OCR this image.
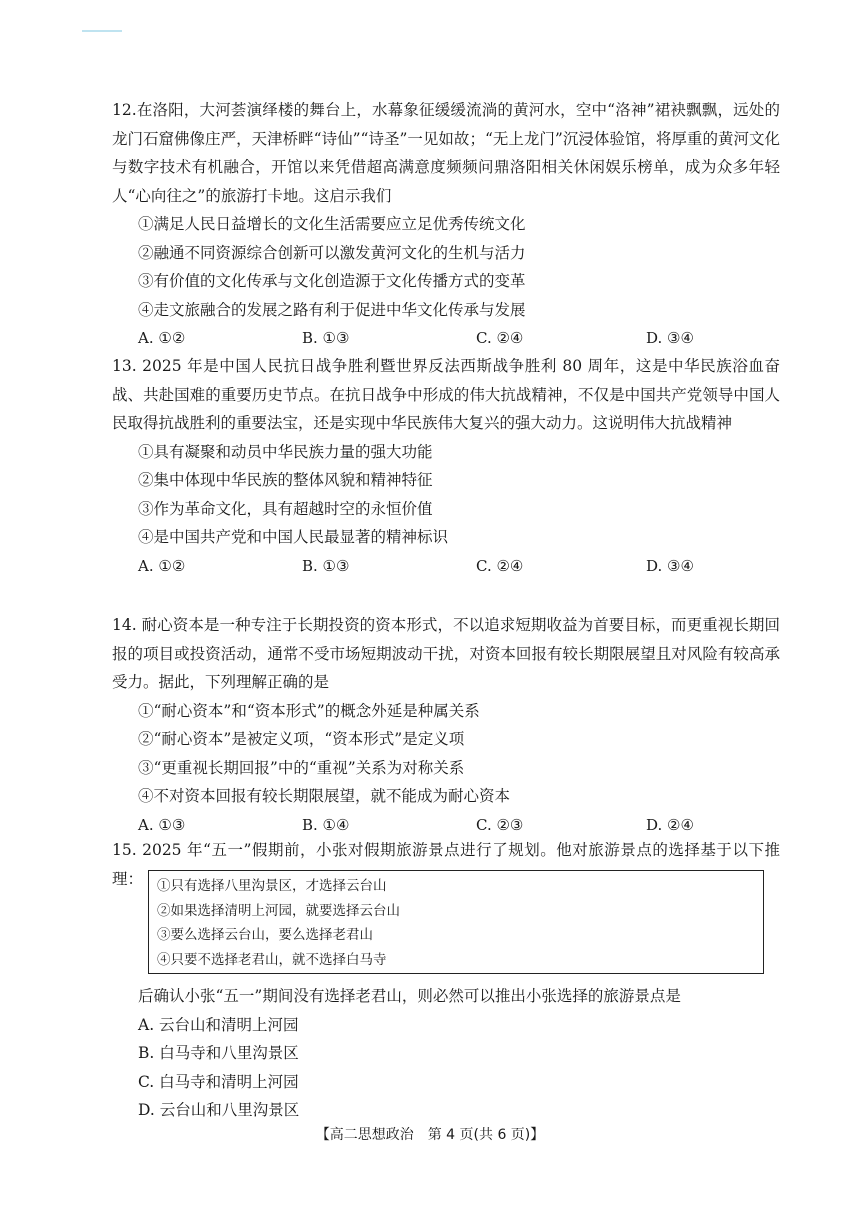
12.在洛阳，大河荟演绎楼的舞台上，水幕象征缓缓流淌的黄河水，空中“洛神”裙袂飘飘，远处的龙门石窟佛像庄严，天津桥畔“诗仙”“诗圣”一见如故；“无上龙门”沉浸体验馆，将厚重的黄河文化与数字技术有机融合，开馆以来凭借超高满意度频频问鼎洛阳相关休闲娱乐榜单，成为众多年轻人“心向往之”的旅游打卡地。这启示我们

①满足人民日益增长的文化生活需要应立足优秀传统文化

②融通不同资源综合创新可以激发黄河文化的生机与活力

③有价值的文化传承与文化创造源于文化传播方式的变革

④走文旅融合的发展之路有利于促进中华文化传承与发展

A. ①②	B. ①③	C. ②④	D. ③④

13. 2025 年是中国人民抗日战争胜利暨世界反法西斯战争胜利 80 周年，这是中华民族浴血奋战、共赴国难的重要历史节点。在抗日战争中形成的伟大抗战精神，不仅是中国共产党领导中国人民取得抗战胜利的重要法宝，还是实现中华民族伟大复兴的强大动力。这说明伟大抗战精神

①具有凝聚和动员中华民族力量的强大功能

②集中体现中华民族的整体风貌和精神特征

③作为革命文化，具有超越时空的永恒价值

④是中国共产党和中国人民最显著的精神标识

A. ①②	B. ①③	C. ②④	D. ③④

14. 耐心资本是一种专注于长期投资的资本形式，不以追求短期收益为首要目标，而更重视长期回报的项目或投资活动，通常不受市场短期波动干扰，对资本回报有较长期限展望且对风险有较高承受力。据此，下列理解正确的是

①“耐心资本”和“资本形式”的概念外延是种属关系

②“耐心资本”是被定义项，“资本形式”是定义项

③“更重视长期回报”中的“重视”关系为对称关系

④不对资本回报有较长期限展望，就不能成为耐心资本

A. ①③	B. ①④	C. ②③	D. ②④

15. 2025 年“五一”假期前，小张对假期旅游景点进行了规划。他对旅游景点的选择基于以下推理：	①只有选择八里沟景区，才选择云台山
②如果选择清明上河园，就要选择云台山
③要么选择云台山，要么选择老君山
④只要不选择老君山，就不选择白马寺

后确认小张“五一”期间没有选择老君山，则必然可以推出小张选择的旅游景点是

A. 云台山和清明上河园
B. 白马寺和八里沟景区
C. 白马寺和清明上河园
D. 云台山和八里沟景区
【高二思想政治　第 4 页(共 6 页)】
